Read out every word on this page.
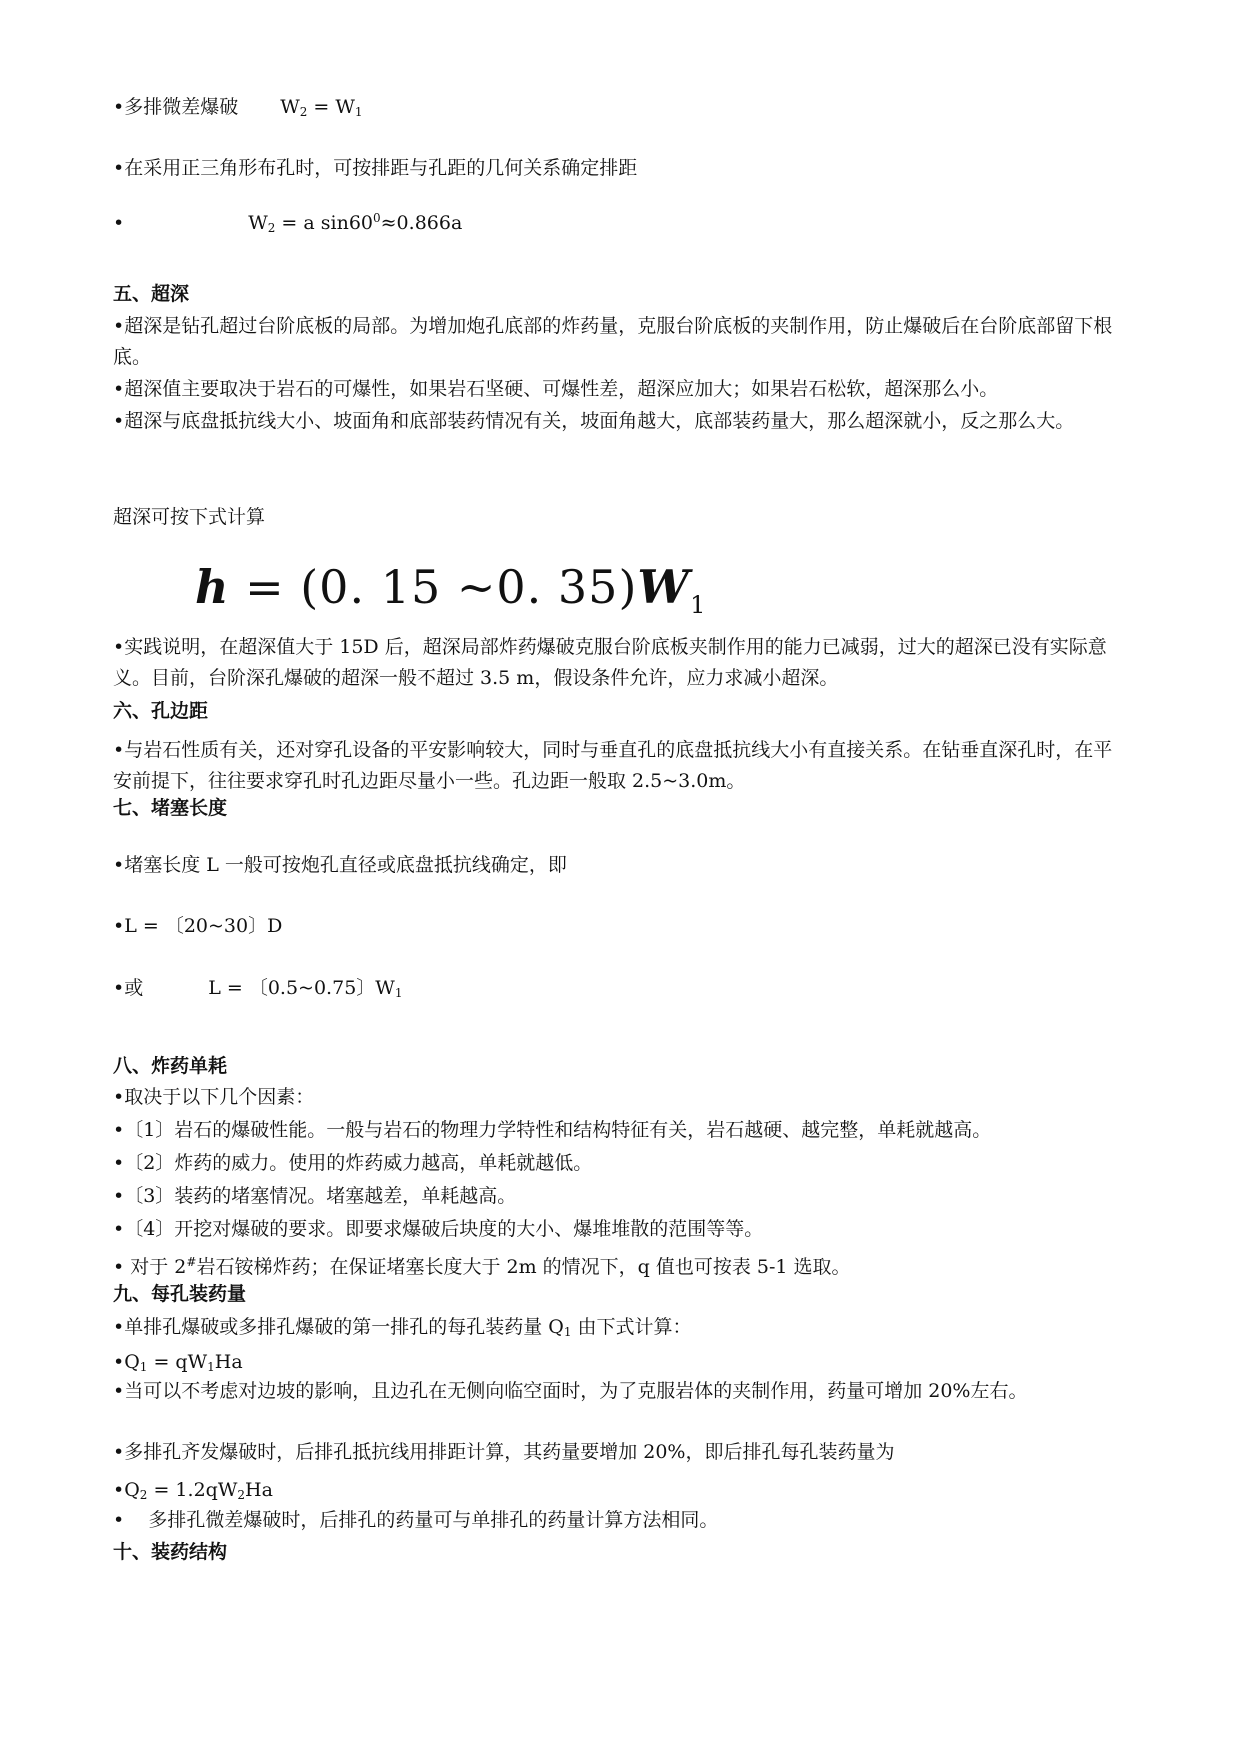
•多排微差爆破 $W_2 = W_1$
•在采用正三角形布孔时，可按排距与孔距的几何关系确定排距
•	$W_2 = a$ $\sin 60^0\approx 0.866a$
五、超深
•超深是钻孔超过台阶底板的局部。为增加炮孔底部的炸药量，克服台阶底板的夹制作用，防止爆破后在台阶底部留下根底。
•超深值主要取决于岩石的可爆性，如果岩石坚硬、可爆性差，超深应加大；如果岩石松软，超深那么小。
•超深与底盘抵抗线大小、坡面角和底部装药情况有关，坡面角越大，底部装药量大，那么超深就小，反之那么大。
超深可按下式计算
h = (0. 15 ~0. $35)W_1$
•实践说明，在超深值大于 15D 后，超深局部炸药爆破克服台阶底板夹制作用的能力已减弱，过大的超深已没有实际意义。目前，台阶深孔爆破的超深一般不超过 3.5 m，假设条件允许，应力求减小超深。
六、孔边距
•与岩石性质有关，还对穿孔设备的平安影响较大，同时与垂直孔的底盘抵抗线大小有直接关系。在钻垂直深孔时，在平安前提下，往往要求穿孔时孔边距尽量小一些。孔边距一般取 2.5~3.0m。
七、堵塞长度
•堵塞长度 L 一般可按炮孔直径或底盘抵抗线确定，即
•L = 〔20~30〕D
•或	L = 〔0.5~0.75〕$W_1$
八、炸药单耗
•取决于以下几个因素：
•〔1〕岩石的爆破性能。一般与岩石的物理力学特性和结构特征有关，岩石越硬、越完整，单耗就越高。
•〔2〕炸药的威力。使用的炸药威力越高，单耗就越低。
•〔3〕装药的堵塞情况。堵塞越差，单耗越高。
•〔4〕开挖对爆破的要求。即要求爆破后块度的大小、爆堆堆散的范围等等。
• 对于 2#岩石铵梯炸药；在保证堵塞长度大于 2m 的情况下，q 值也可按表 5-1 选取。
九、每孔装药量
•单排孔爆破或多排孔爆破的第一排孔的每孔装药量 $Q_1$ 由下式计算：
$•Q_1 = qW_1Ha$
•当可以不考虑对边坡的影响，且边孔在无侧向临空面时，为了克服岩体的夹制作用，药量可增加 20%左右。
•多排孔齐发爆破时，后排孔抵抗线用排距计算，其药量要增加 20%，即后排孔每孔装药量为
$•Q_2 = 1.2qW_2Ha$
•    多排孔微差爆破时，后排孔的药量可与单排孔的药量计算方法相同。
十、装药结构
